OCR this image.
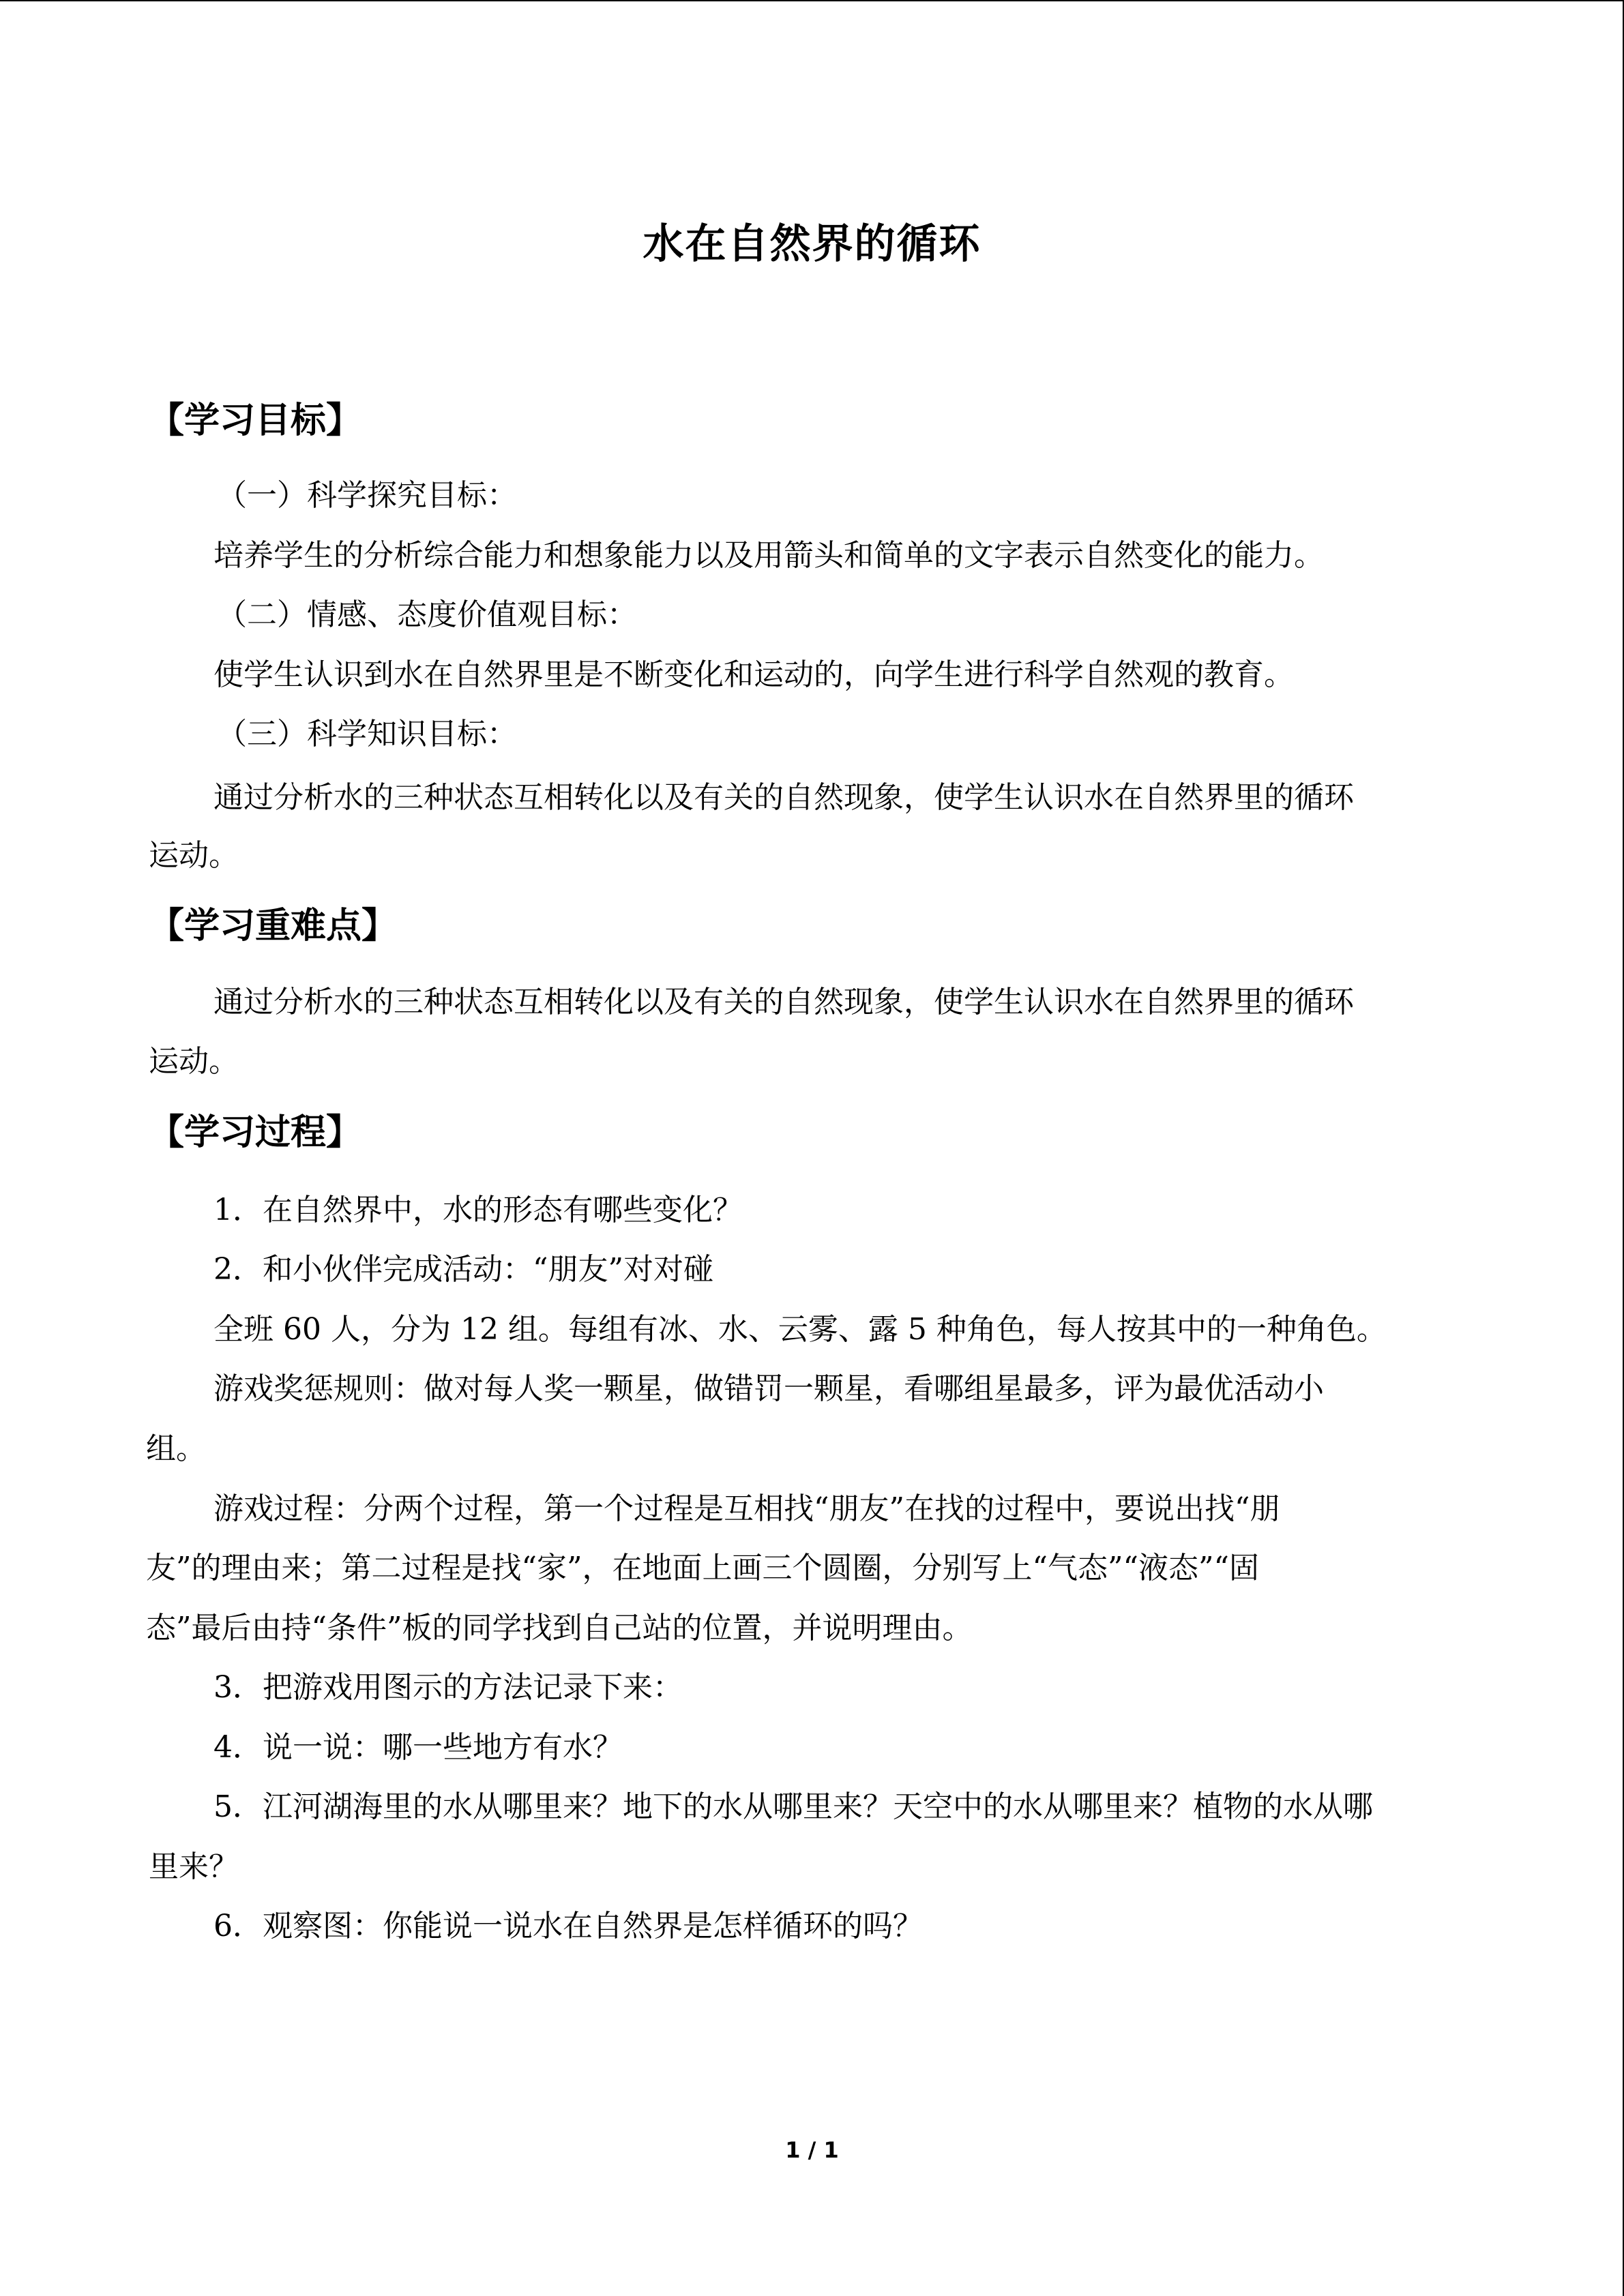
水在自然界的循环
【学习目标】
（一）科学探究目标：
培养学生的分析综合能力和想象能力以及用箭头和简单的文字表示自然变化的能力。
（二）情感、态度价值观目标：
使学生认识到水在自然界里是不断变化和运动的，向学生进行科学自然观的教育。
（三）科学知识目标：
通过分析水的三种状态互相转化以及有关的自然现象，使学生认识水在自然界里的循环
运动。
【学习重难点】
通过分析水的三种状态互相转化以及有关的自然现象，使学生认识水在自然界里的循环
运动。
【学习过程】
1．在自然界中，水的形态有哪些变化？
2．和小伙伴完成活动：“朋友”对对碰
全班 60 人，分为 12 组。每组有冰、水、云雾、露 5 种角色，每人按其中的一种角色。
游戏奖惩规则：做对每人奖一颗星，做错罚一颗星，看哪组星最多，评为最优活动小
组。
游戏过程：分两个过程，第一个过程是互相找“朋友”在找的过程中，要说出找“朋
友”的理由来；第二过程是找“家”，在地面上画三个圆圈，分别写上“气态”“液态”“固
态”最后由持“条件”板的同学找到自己站的位置，并说明理由。
3．把游戏用图示的方法记录下来：
4．说一说：哪一些地方有水？
5．江河湖海里的水从哪里来？地下的水从哪里来？天空中的水从哪里来？植物的水从哪
里来？
6．观察图：你能说一说水在自然界是怎样循环的吗？
1 / 1
